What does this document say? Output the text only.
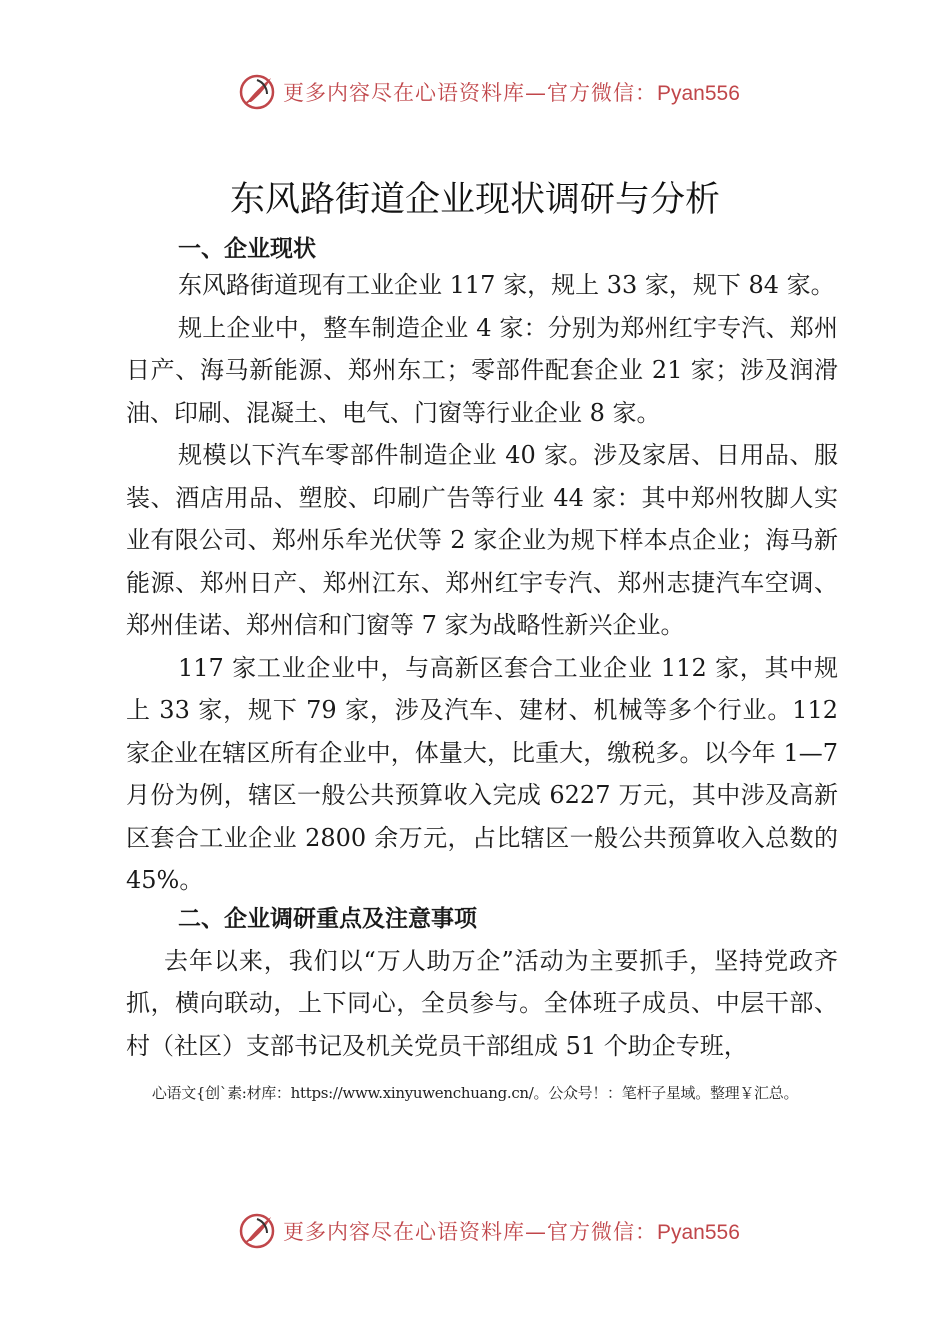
更多内容尽在心语资料库—官方微信：Pyan556
东风路街道企业现状调研与分析
一、企业现状

东风路街道现有工业企业 117 家，规上 33 家，规下 84 家。

规上企业中，整车制造企业 4 家：分别为郑州红宇专汽、郑州日产、海马新能源、郑州东工；零部件配套企业 21 家；涉及润滑油、印刷、混凝土、电气、门窗等行业企业 8 家。

规模以下汽车零部件制造企业 40 家。涉及家居、日用品、服装、酒店用品、塑胶、印刷广告等行业 44 家：其中郑州牧脚人实业有限公司、郑州乐牟光伏等 2 家企业为规下样本点企业；海马新能源、郑州日产、郑州江东、郑州红宇专汽、郑州志捷汽车空调、郑州佳诺、郑州信和门窗等 7 家为战略性新兴企业。

117 家工业企业中，与高新区套合工业企业 112 家，其中规上 33 家，规下 79 家，涉及汽车、建材、机械等多个行业。112 家企业在辖区所有企业中，体量大，比重大，缴税多。以今年 1—7 月份为例，辖区一般公共预算收入完成 6227 万元，其中涉及高新区套合工业企业 2800 余万元，占比辖区一般公共预算收入总数的 45%。

二、企业调研重点及注意事项

去年以来，我们以“万人助万企”活动为主要抓手，坚持党政齐抓，横向联动，上下同心，全员参与。全体班子成员、中层干部、村（社区）支部书记及机关党员干部组成 51 个助企专班，

心语文{创`素:材库：https://www.xinyuwenchuang.cn/。公众号！：笔杆子星域。整理￥汇总。
更多内容尽在心语资料库—官方微信：Pyan556
